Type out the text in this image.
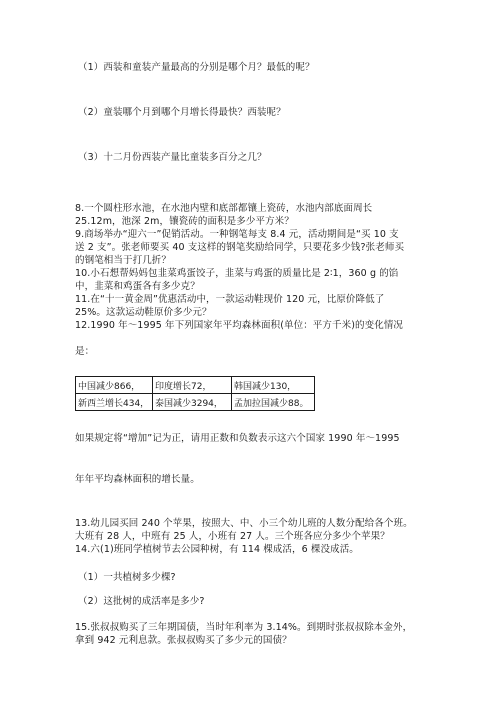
（1）西装和童装产量最高的分别是哪个月？最低的呢？
（2）童装哪个月到哪个月增长得最快？西装呢？
（3）十二月份西装产量比童装多百分之几？
8.一个圆柱形水池，在水池内壁和底部都镶上瓷砖，水池内部底面周长
25.12m，池深 2m，镶瓷砖的面积是多少平方米？
9.商场举办“迎六一”促销活动。一种钢笔每支 8.4 元，活动期间是“买 10 支
送 2 支”。张老师要买 40 支这样的钢笔奖励给同学，只要花多少钱?张老师买
的钢笔相当于打几折？
10.小石想帮妈妈包韭菜鸡蛋饺子，韭菜与鸡蛋的质量比是 2∶1，360 g 的馅
中，韭菜和鸡蛋各有多少克？
11.在“十一黄金周”优惠活动中，一款运动鞋现价 120 元，比原价降低了
25%。这款运动鞋原价多少元？
12.1990 年～1995 年下列国家年平均森林面积(单位：平方千米)的变化情况
是：
中国减少866，	印度增长72，	韩国减少130，
新西兰增长434，	泰国减少3294，	孟加拉国减少88。
如果规定将“增加”记为正，请用正数和负数表示这六个国家 1990 年～1995
年年平均森林面积的增长量。
13.幼儿园买回 240 个苹果，按照大、中、小三个幼儿班的人数分配给各个班。
大班有 28 人，中班有 25 人，小班有 27 人。三个班各应分多少个苹果？
14.六(1)班同学植树节去公园种树，有 114 棵成活，6 棵没成活。
（1）一共植树多少棵?
（2）这批树的成活率是多少?
15.张叔叔购买了三年期国债，当时年利率为 3.14%。到期时张叔叔除本金外，
拿到 942 元利息款。张叔叔购买了多少元的国债？
